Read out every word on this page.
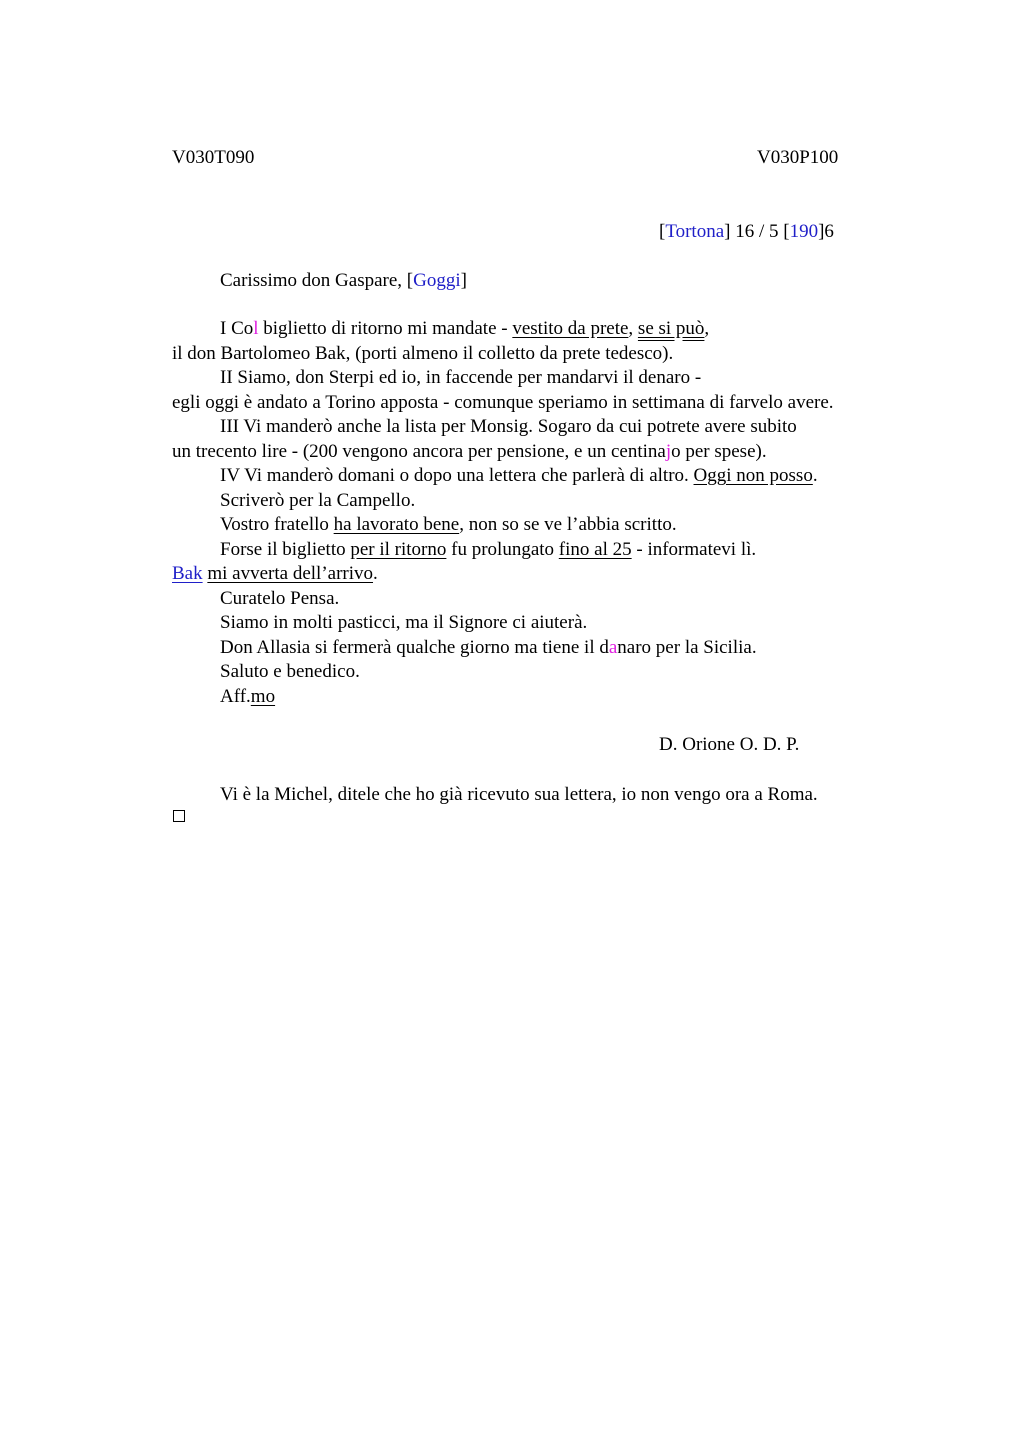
V030T090	V030P100
[Tortona] 16 / 5 [190]6
Carissimo don Gaspare, [Goggi]
I Col biglietto di ritorno mi mandate - vestito da prete, se si può,
il don Bartolomeo Bak, (porti almeno il colletto da prete tedesco).
II Siamo, don Sterpi ed io, in faccende per mandarvi il denaro -
egli oggi è andato a Torino apposta - comunque speriamo in settimana di farvelo avere.
III Vi manderò anche la lista per Monsig. Sogaro da cui potrete avere subito
un trecento lire - (200 vengono ancora per pensione, e un centinajo per spese).
IV Vi manderò domani o dopo una lettera che parlerà di altro. Oggi non posso.
Scriverò per la Campello.
Vostro fratello ha lavorato bene, non so se ve l’abbia scritto.
Forse il biglietto per il ritorno fu prolungato fino al 25 - informatevi lì.
Bak mi avverta dell’arrivo.
Curatelo Pensa.
Siamo in molti pasticci, ma il Signore ci aiuterà.
Don Allasia si fermerà qualche giorno ma tiene il danaro per la Sicilia.
Saluto e benedico.
Aff.mo
D. Orione O. D. P.
Vi è la Michel, ditele che ho già ricevuto sua lettera, io non vengo ora a Roma.
